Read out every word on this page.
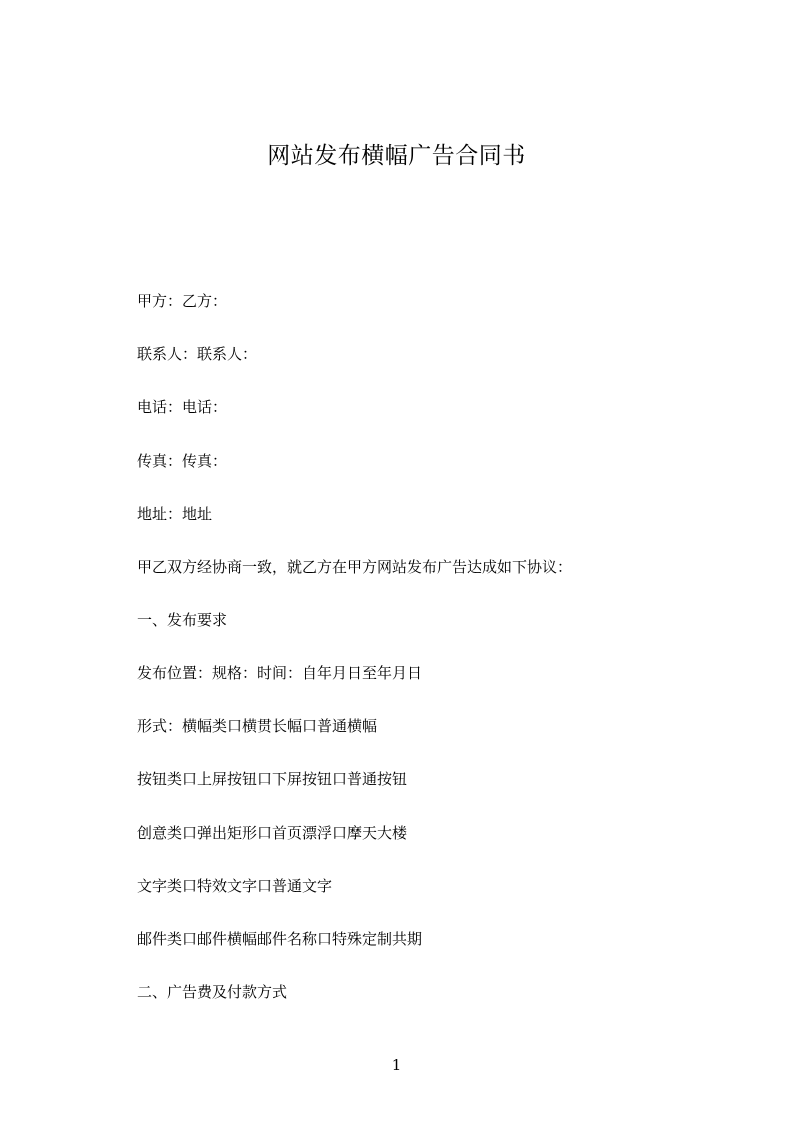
网站发布横幅广告合同书
甲方：乙方：
联系人：联系人：
电话：电话：
传真：传真：
地址：地址
甲乙双方经协商一致，就乙方在甲方网站发布广告达成如下协议：
一、发布要求
发布位置：规格：时间：自年月日至年月日
形式：横幅类口横贯长幅口普通横幅
按钮类口上屏按钮口下屏按钮口普通按钮
创意类口弹出矩形口首页漂浮口摩天大楼
文字类口特效文字口普通文字
邮件类口邮件横幅邮件名称口特殊定制共期
二、广告费及付款方式
1
